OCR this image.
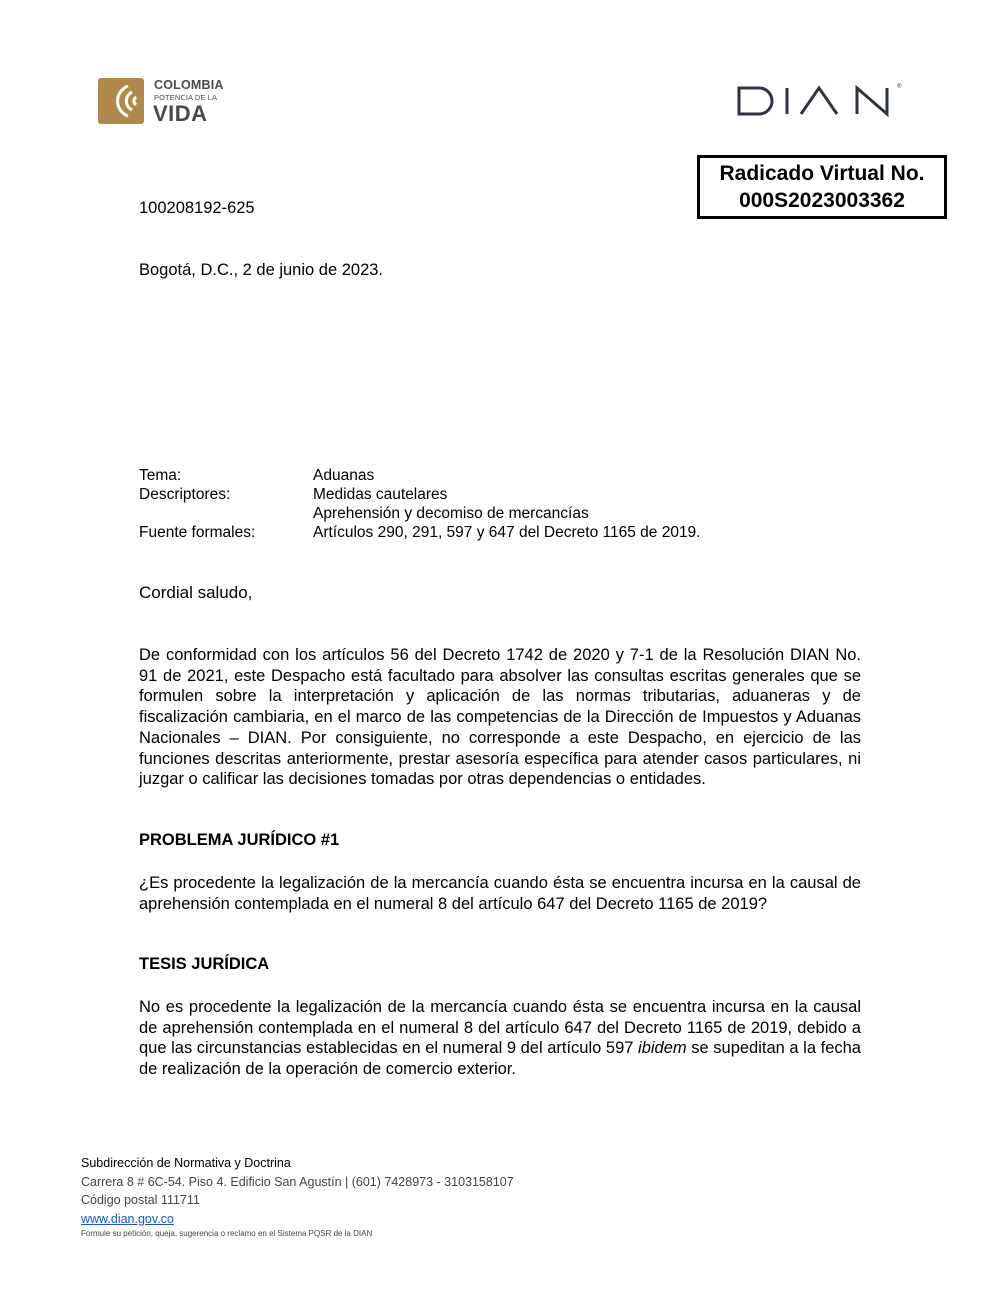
COLOMBIA
POTENCIA DE LA
VIDA
®
Radicado Virtual No.
000S2023003362
100208192-625
Bogotá, D.C., 2 de junio de 2023.
Tema:	Aduanas
Descriptores:	Medidas cautelares
Aprehensión y decomiso de mercancías
Fuente formales:	Artículos 290, 291, 597 y 647 del Decreto 1165 de 2019.
Cordial saludo,
De conformidad con los artículos 56 del Decreto 1742 de 2020 y 7-1 de la Resolución DIAN No. 91 de 2021, este Despacho está facultado para absolver las consultas escritas generales que se formulen sobre la interpretación y aplicación de las normas tributarias, aduaneras y de fiscalización cambiaria, en el marco de las competencias de la Dirección de Impuestos y Aduanas Nacionales – DIAN. Por consiguiente, no corresponde a este Despacho, en ejercicio de las funciones descritas anteriormente, prestar asesoría específica para atender casos particulares, ni juzgar o calificar las decisiones tomadas por otras dependencias o entidades.
PROBLEMA JURÍDICO #1
¿Es procedente la legalización de la mercancía cuando ésta se encuentra incursa en la causal de aprehensión contemplada en el numeral 8 del artículo 647 del Decreto 1165 de 2019?
TESIS JURÍDICA
No es procedente la legalización de la mercancía cuando ésta se encuentra incursa en la causal de aprehensión contemplada en el numeral 8 del artículo 647 del Decreto 1165 de 2019, debido a que las circunstancias establecidas en el numeral 9 del artículo 597 ibidem se supeditan a la fecha de realización de la operación de comercio exterior.
Subdirección de Normativa y Doctrina
Carrera 8 # 6C-54. Piso 4. Edificio San Agustín | (601) 7428973 - 3103158107
Código postal 111711
www.dian.gov.co
Formule su petición, queja, sugerencia o reclamo en el Sistema PQSR de la DIAN
